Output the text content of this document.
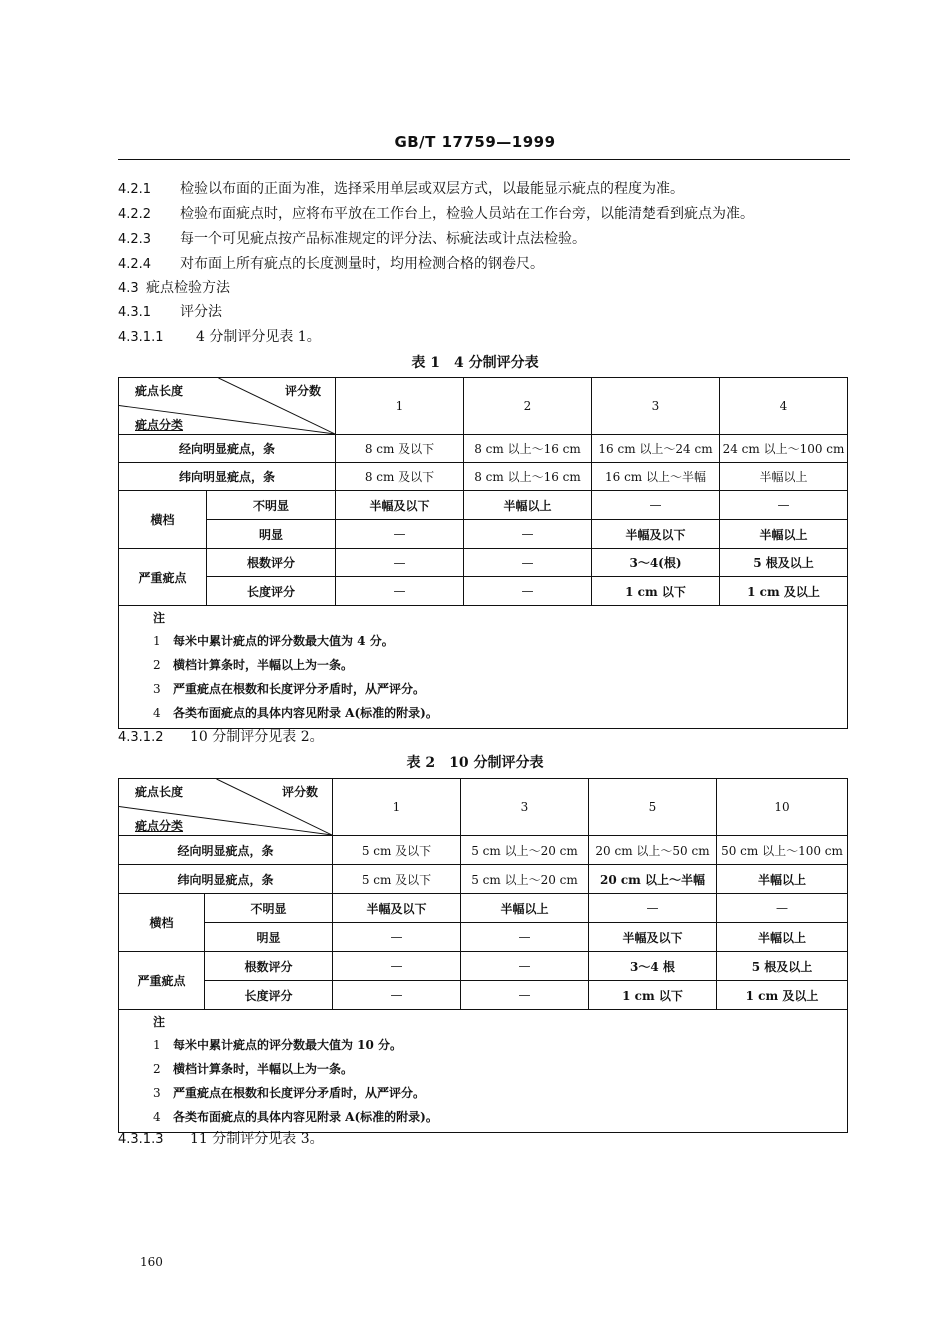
GB/T 17759—1999
4.2.1 检验以布面的正面为准，选择采用单层或双层方式，以最能显示疵点的程度为准。
4.2.2 检验布面疵点时，应将布平放在工作台上，检验人员站在工作台旁，以能清楚看到疵点为准。
4.2.3 每一个可见疵点按产品标准规定的评分法、标疵法或计点法检验。
4.2.4 对布面上所有疵点的长度测量时，均用检测合格的钢卷尺。
4.3 疵点检验方法
4.3.1 评分法
4.3.1.1 4 分制评分见表 1。
表 1　4 分制评分表
疵点长度 评分数
疵点分类		1	2	3	4
经向明显疵点，条		8 cm 及以下	8 cm 以上～16 cm	16 cm 以上～24 cm	24 cm 以上～100 cm
纬向明显疵点，条		8 cm 及以下	8 cm 以上～16 cm	16 cm 以上～半幅	半幅以上
横档	不明显	半幅及以下	半幅以上	—	—
	明显	—	—	半幅及以下	半幅以上
严重疵点	根数评分	—	—	3～4(根)	5 根及以上
	长度评分	—	—	1 cm 以下	1 cm 及以上

注
1 每米中累计疵点的评分数最大值为 4 分。
2 横档计算条时，半幅以上为一条。
3 严重疵点在根数和长度评分矛盾时，从严评分。
4 各类布面疵点的具体内容见附录 A(标准的附录)。					
4.3.1.2 10 分制评分见表 2。
表 2　10 分制评分表
疵点长度 评分数
疵点分类		1	3	5	10
经向明显疵点，条		5 cm 及以下	5 cm 以上～20 cm	20 cm 以上～50 cm	50 cm 以上～100 cm
纬向明显疵点，条		5 cm 及以下	5 cm 以上～20 cm	20 cm 以上～半幅	半幅以上
横档	不明显	半幅及以下	半幅以上	—	—
	明显	—	—	半幅及以下	半幅以上
严重疵点	根数评分	—	—	3～4 根	5 根及以上
	长度评分	—	—	1 cm 以下	1 cm 及以上

注
1 每米中累计疵点的评分数最大值为 10 分。
2 横档计算条时，半幅以上为一条。
3 严重疵点在根数和长度评分矛盾时，从严评分。
4 各类布面疵点的具体内容见附录 A(标准的附录)。					
4.3.1.3 11 分制评分见表 3。
160
